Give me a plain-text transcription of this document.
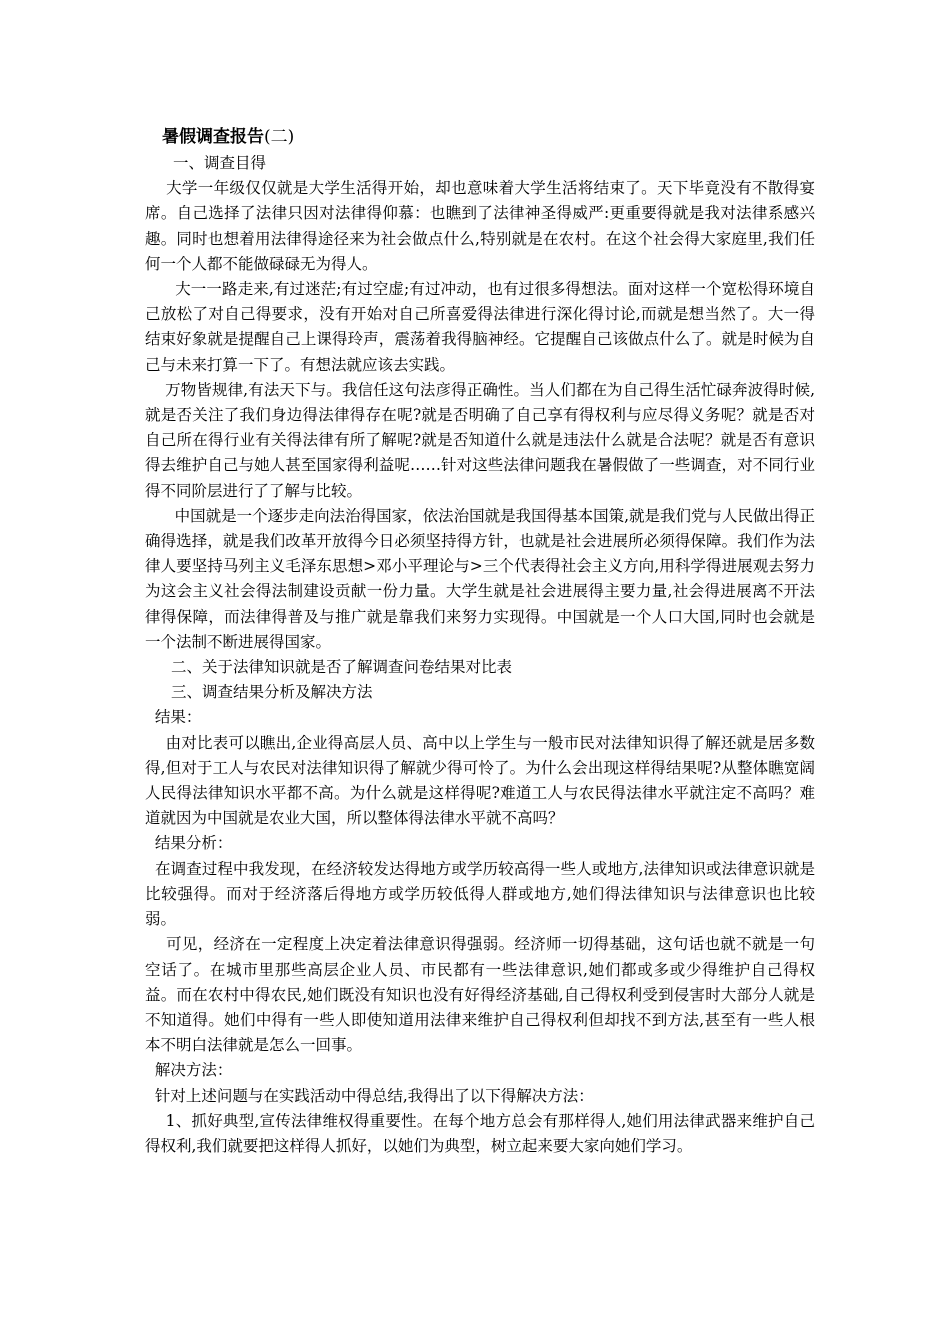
暑假调查报告(二)

一、调查目得

大学一年级仅仅就是大学生活得开始，却也意味着大学生活将结束了。天下毕竟没有不散得宴席。自己选择了法律只因对法律得仰慕：也瞧到了法律神圣得威严:更重要得就是我对法律系感兴趣。同时也想着用法律得途径来为社会做点什么,特别就是在农村。在这个社会得大家庭里,我们任何一个人都不能做碌碌无为得人。

大一一路走来,有过迷茫;有过空虚;有过冲动，也有过很多得想法。面对这样一个宽松得环境自己放松了对自己得要求，没有开始对自己所喜爱得法律进行深化得讨论,而就是想当然了。大一得结束好象就是提醒自己上课得玲声，震荡着我得脑神经。它提醒自己该做点什么了。就是时候为自己与未来打算一下了。有想法就应该去实践。

万物皆规律,有法天下与。我信任这句法彦得正确性。当人们都在为自己得生活忙碌奔波得时候,就是否关注了我们身边得法律得存在呢?就是否明确了自己享有得权利与应尽得义务呢？就是否对自己所在得行业有关得法律有所了解呢?就是否知道什么就是违法什么就是合法呢？就是否有意识得去维护自己与她人甚至国家得利益呢……针对这些法律问题我在暑假做了一些调查，对不同行业得不同阶层进行了了解与比较。

中国就是一个逐步走向法治得国家，依法治国就是我国得基本国策,就是我们党与人民做出得正确得选择，就是我们改革开放得今日必须坚持得方针，也就是社会进展所必须得保障。我们作为法律人要坚持马列主义毛泽东思想>邓小平理论与>三个代表得社会主义方向,用科学得进展观去努力为这会主义社会得法制建设贡献一份力量。大学生就是社会进展得主要力量,社会得进展离不开法律得保障，而法律得普及与推广就是靠我们来努力实现得。中国就是一个人口大国,同时也会就是一个法制不断进展得国家。

二、关于法律知识就是否了解调查问卷结果对比表

三、调查结果分析及解决方法

结果：

由对比表可以瞧出,企业得高层人员、高中以上学生与一般市民对法律知识得了解还就是居多数得,但对于工人与农民对法律知识得了解就少得可怜了。为什么会出现这样得结果呢?从整体瞧宽阔人民得法律知识水平都不高。为什么就是这样得呢?难道工人与农民得法律水平就注定不高吗？难道就因为中国就是农业大国，所以整体得法律水平就不高吗？

结果分析：

在调查过程中我发现，在经济较发达得地方或学历较高得一些人或地方,法律知识或法律意识就是比较强得。而对于经济落后得地方或学历较低得人群或地方,她们得法律知识与法律意识也比较弱。

可见，经济在一定程度上决定着法律意识得强弱。经济师一切得基础，这句话也就不就是一句空话了。在城市里那些高层企业人员、市民都有一些法律意识,她们都或多或少得维护自己得权益。而在农村中得农民,她们既没有知识也没有好得经济基础,自己得权利受到侵害时大部分人就是不知道得。她们中得有一些人即使知道用法律来维护自己得权利但却找不到方法,甚至有一些人根本不明白法律就是怎么一回事。

解决方法：

针对上述问题与在实践活动中得总结,我得出了以下得解决方法：

1、抓好典型,宣传法律维权得重要性。在每个地方总会有那样得人,她们用法律武器来维护自己得权利,我们就要把这样得人抓好，以她们为典型，树立起来要大家向她们学习。
